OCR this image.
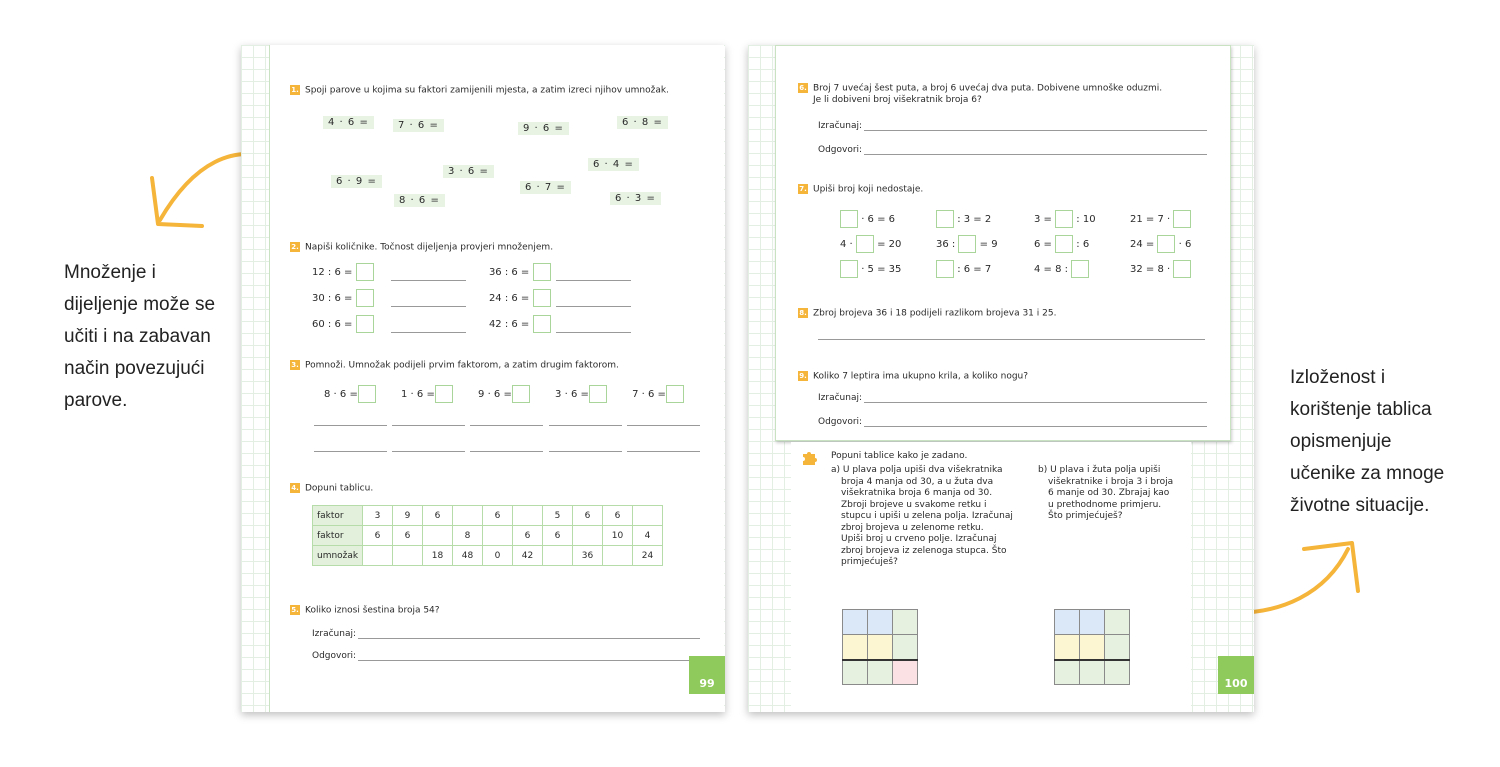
Množenje i
dijeljenje može se
učiti i na zabavan
način povezujući
parove.
Izloženost i
korištenje tablica
opismenjuje
učenike za mnoge
životne situacije.
1. Spoji parove u kojima su faktori zamijenili mjesta, a zatim izreci njihov umnožak.
4 · 6 =	7 · 6 =	9 · 6 =
6 · 8 =
3 · 6 =
6 · 4 =
6 · 9 =
6 · 7 =
8 · 6 =	6 · 3 =
2. Napiši količnike. Točnost dijeljenja provjeri množenjem.
12 : 6 =	36 : 6 =
30 : 6 =	24 : 6 =
60 : 6 =	42 : 6 =
3. Pomnoži. Umnožak podijeli prvim faktorom, a zatim drugim faktorom.
8 · 6 =	1 · 6 =	9 · 6 =	3 · 6 =	7 · 6 =

4. Dopuni tablicu.
faktor	3	9	6		6		5	6	6	
faktor	6	6		8		6	6		10	4
umnožak			18	48	0	42		36		24
5. Koliko iznosi šestina broja 54?
Izračunaj:
Odgovori:
99
6. Broj 7 uvećaj šest puta, a broj 6 uvećaj dva puta. Dobivene umnoške oduzmi.
Je li dobiveni broj višekratnik broja 6?
Izračunaj:
Odgovori:
7. Upiši broj koji nedostaje.
· 6 = 6	: 3 = 2	3 = : 10	21 = 7 ·
4 · = 20	36 : = 9	6 = : 6	24 = · 6
· 5 = 35	: 6 = 7	4 = 8 :	32 = 8 ·
8. Zbroj brojeva 36 i 18 podijeli razlikom brojeva 31 i 25.
9. Koliko 7 leptira ima ukupno krila, a koliko nogu?
Izračunaj:
Odgovori:
Popuni tablice kako je zadano.
a) U plava polja upiši dva višekratnika
broja 4 manja od 30, a u žuta dva
višekratnika broja 6 manja od 30.
Zbroji brojeve u svakome retku i
stupcu i upiši u zelena polja. Izračunaj
zbroj brojeva u zelenome retku.
Upiši broj u crveno polje. Izračunaj
zbroj brojeva iz zelenoga stupca. Što
primjećuješ?
b) U plava i žuta polja upiši
višekratnike i broja 3 i broja
6 manje od 30. Zbrajaj kao
u prethodnome primjeru.
Što primjećuješ?

100
